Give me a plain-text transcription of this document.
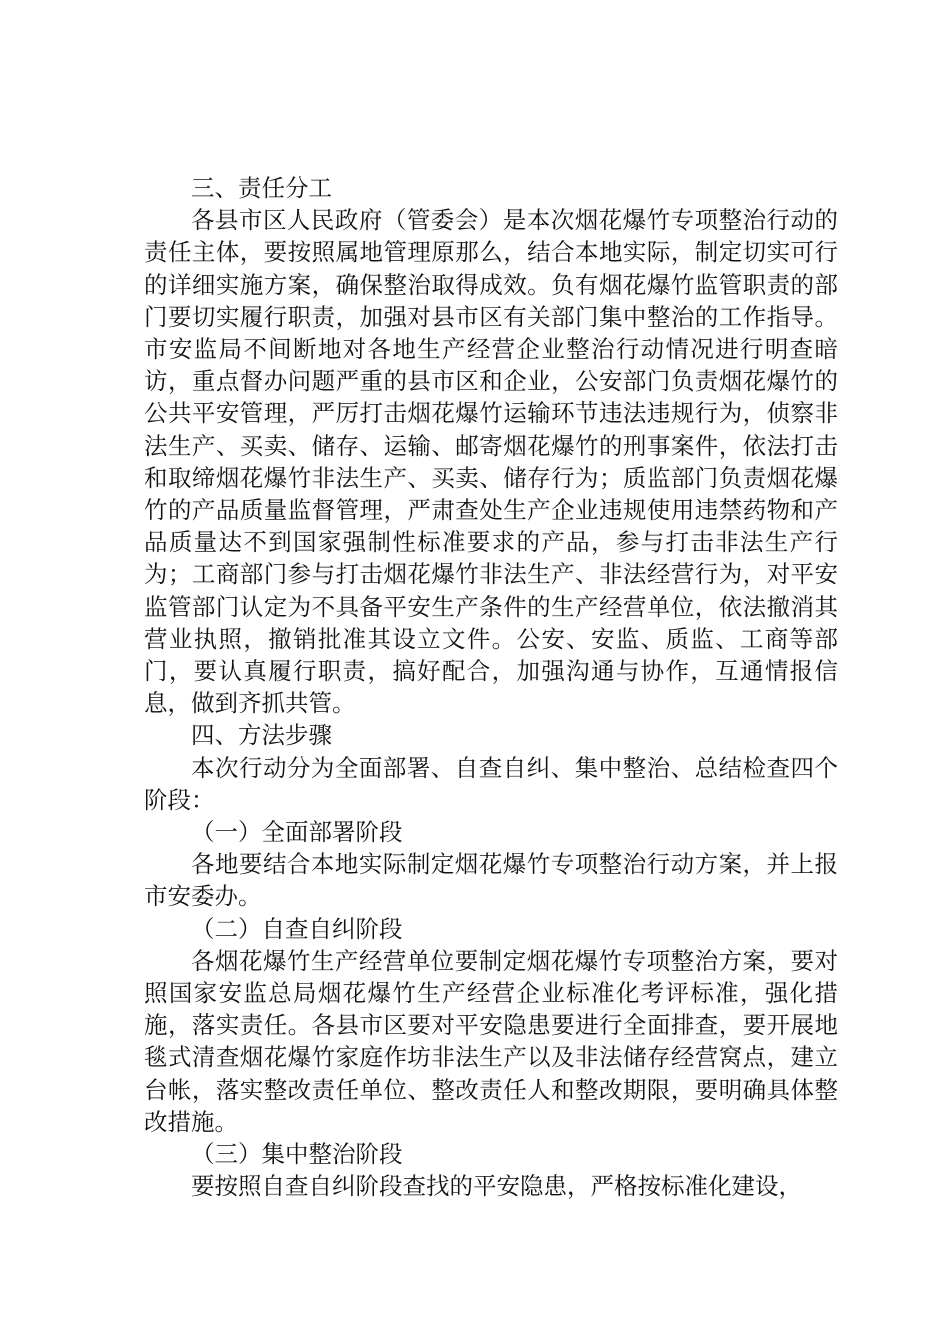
三、责任分工

各县市区人民政府（管委会）是本次烟花爆竹专项整治行动的责任主体，要按照属地管理原那么，结合本地实际，制定切实可行的详细实施方案，确保整治取得成效。负有烟花爆竹监管职责的部门要切实履行职责，加强对县市区有关部门集中整治的工作指导。市安监局不间断地对各地生产经营企业整治行动情况进行明查暗访，重点督办问题严重的县市区和企业，公安部门负责烟花爆竹的公共平安管理，严厉打击烟花爆竹运输环节违法违规行为，侦察非法生产、买卖、储存、运输、邮寄烟花爆竹的刑事案件，依法打击和取缔烟花爆竹非法生产、买卖、储存行为；质监部门负责烟花爆竹的产品质量监督管理，严肃查处生产企业违规使用违禁药物和产品质量达不到国家强制性标准要求的产品，参与打击非法生产行为；工商部门参与打击烟花爆竹非法生产、非法经营行为，对平安监管部门认定为不具备平安生产条件的生产经营单位，依法撤消其营业执照，撤销批准其设立文件。公安、安监、质监、工商等部门，要认真履行职责，搞好配合，加强沟通与协作，互通情报信息，做到齐抓共管。

四、方法步骤

本次行动分为全面部署、自查自纠、集中整治、总结检查四个阶段：

（一）全面部署阶段

各地要结合本地实际制定烟花爆竹专项整治行动方案，并上报市安委办。

（二）自查自纠阶段

各烟花爆竹生产经营单位要制定烟花爆竹专项整治方案，要对照国家安监总局烟花爆竹生产经营企业标准化考评标准，强化措施，落实责任。各县市区要对平安隐患要进行全面排查，要开展地毯式清查烟花爆竹家庭作坊非法生产以及非法储存经营窝点，建立台帐，落实整改责任单位、整改责任人和整改期限，要明确具体整改措施。

（三）集中整治阶段

要按照自查自纠阶段查找的平安隐患，严格按标准化建设，
